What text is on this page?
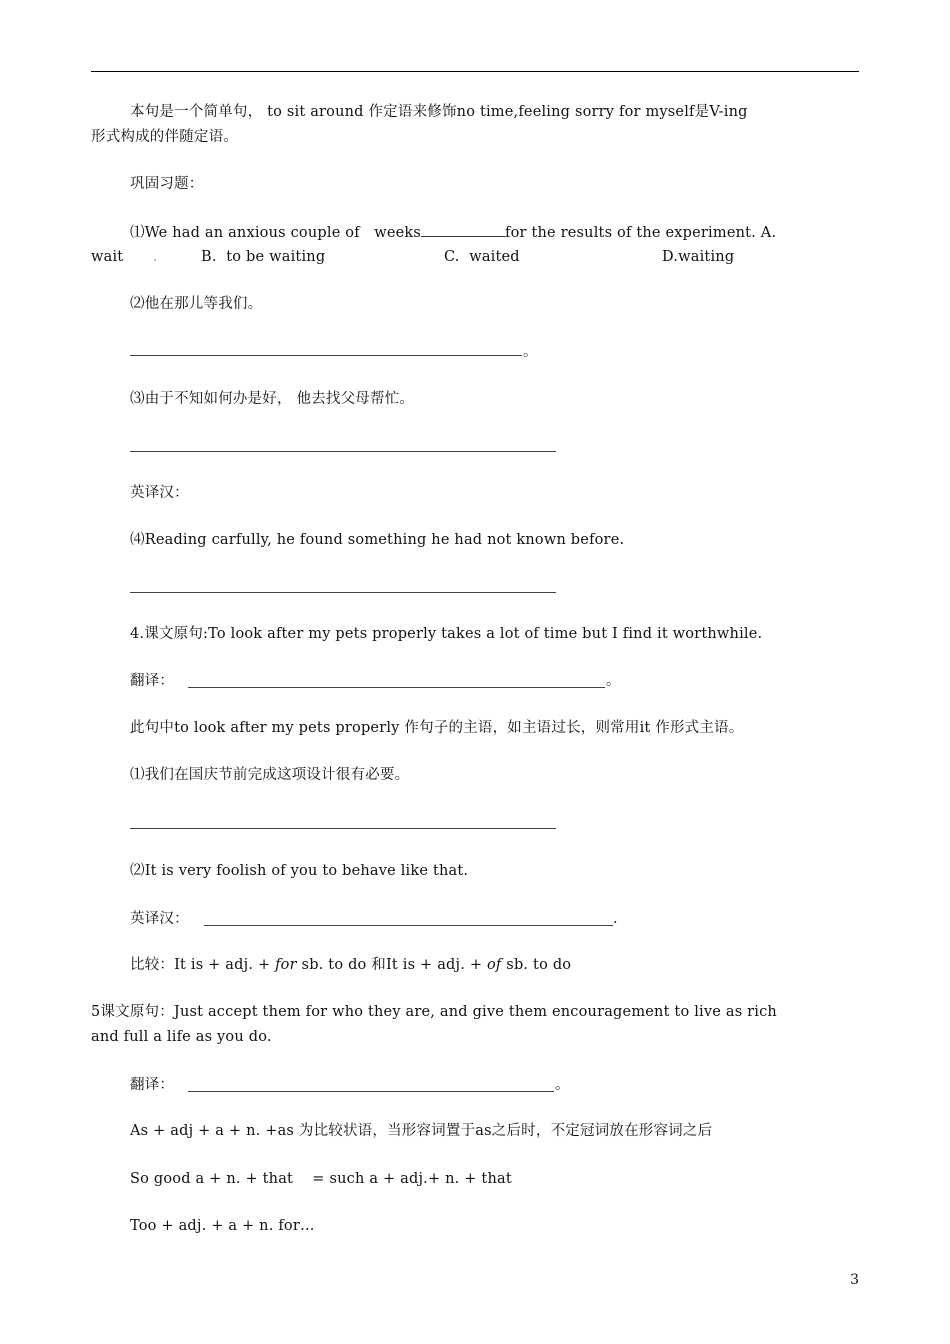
本句是一个简单句， to sit around 作定语来修饰no time,feeling sorry for myself是V-ing
形式构成的伴随定语。
巩固习题：
⑴We had an anxious couple of   weeks	for the results of the experiment. A.
wait ． B.  to be waiting	C.  waited	D.waiting
⑵他在那儿等我们。
。
⑶由于不知如何办是好， 他去找父母帮忙。
英译汉：
⑷Reading carfully, he found something he had not known before.
4.课文原句:To look after my pets properly takes a lot of time but I find it worthwhile.
翻译：	。
此句中to look after my pets properly 作句子的主语，如主语过长，则常用it 作形式主语。
⑴我们在国庆节前完成这项设计很有必要。
⑵It is very foolish of you to behave like that.
英译汉：	.
比较：It is + adj. + for sb. to do 和It is + adj. + of sb. to do
5课文原句：Just accept them for who they are, and give them encouragement to live as rich
and full a life as you do.
翻译：	。
As + adj + a + n. +as 为比较状语，当形容词置于as之后时，不定冠词放在形容词之后
So good a + n. + that    = such a + adj.+ n. + that
Too + adj. + a + n. for…
3
